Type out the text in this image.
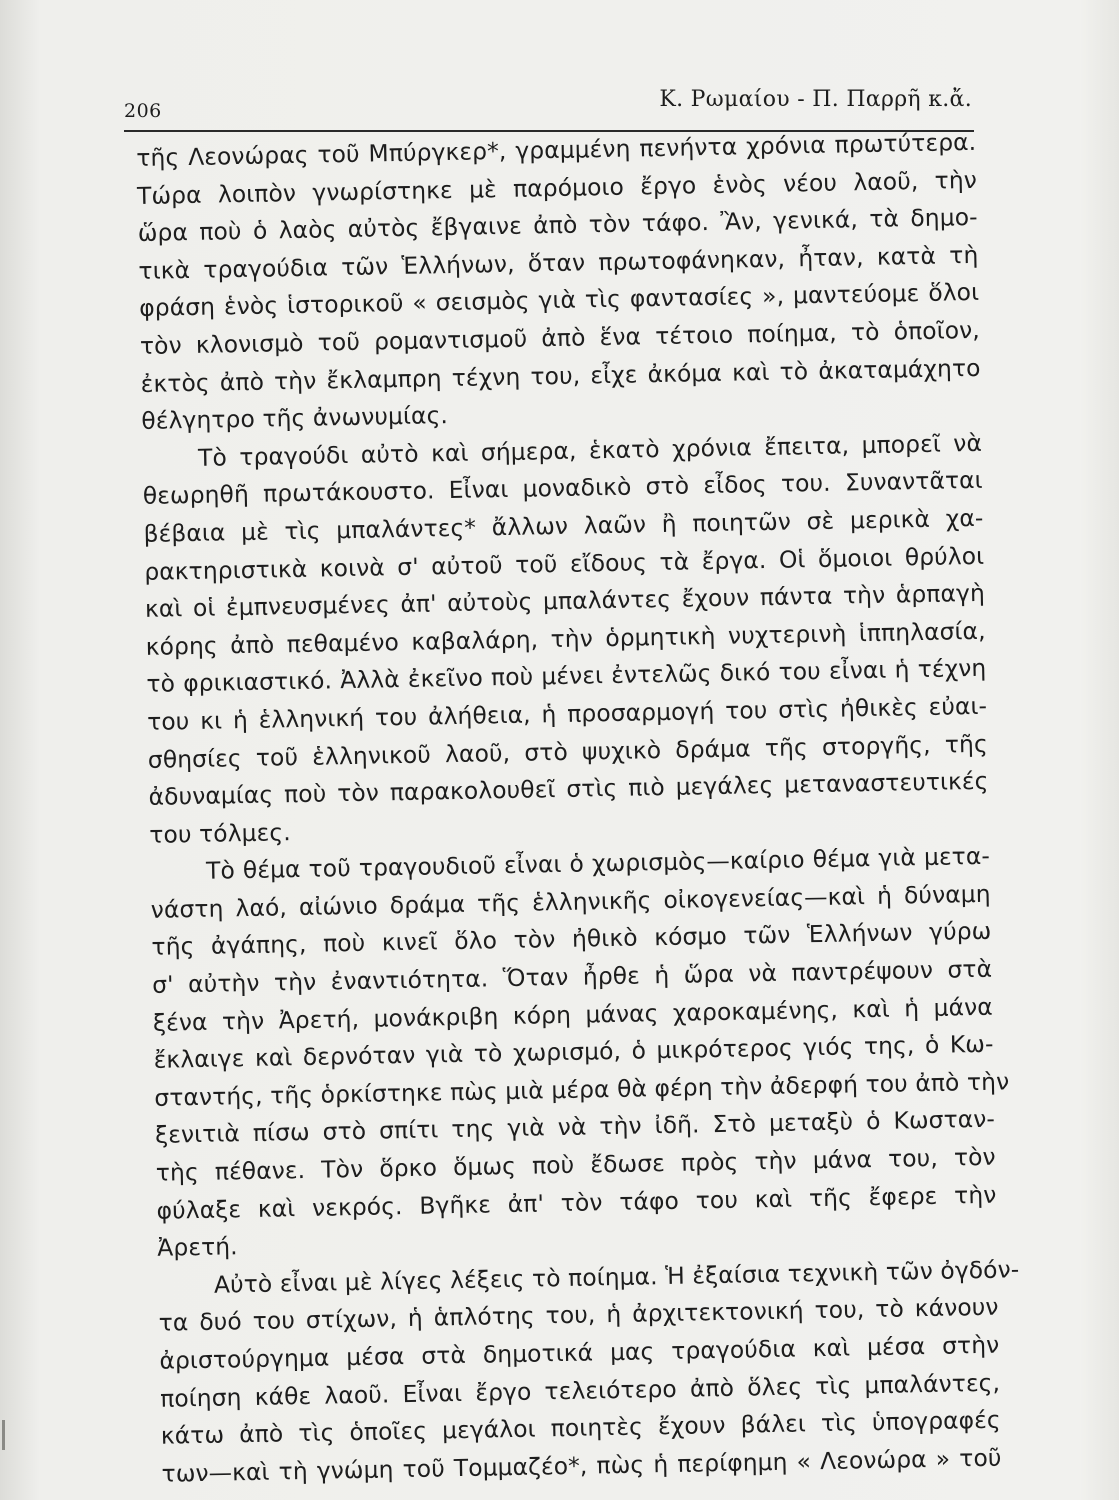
206	Κ. Ρωμαίου - Π. Παρρῆ κ.ἄ.
τῆς Λεονώρας τοῦ Μπύργκερ*, γραμμένη πενήντα χρόνια πρωτύτερα.
Τώρα λοιπὸν γνωρίστηκε μὲ παρόμοιο ἔργο ἑνὸς νέου λαοῦ, τὴν
ὥρα ποὺ ὁ λαὸς αὐτὸς ἔβγαινε ἀπὸ τὸν τάφο. Ἂν, γενικά, τὰ δημο-
τικὰ τραγούδια τῶν Ἑλλήνων, ὅταν πρωτοφάνηκαν, ἦταν, κατὰ τὴ
φράση ἑνὸς ἱστορικοῦ « σεισμὸς γιὰ τὶς φαντασίες », μαντεύομε ὅλοι
τὸν κλονισμὸ τοῦ ρομαντισμοῦ ἀπὸ ἕνα τέτοιο ποίημα, τὸ ὁποῖον,
ἐκτὸς ἀπὸ τὴν ἔκλαμπρη τέχνη του, εἶχε ἀκόμα καὶ τὸ ἀκαταμάχητο
θέλγητρο τῆς ἀνωνυμίας.
Τὸ τραγούδι αὐτὸ καὶ σήμερα, ἑκατὸ χρόνια ἔπειτα, μπορεῖ νὰ
θεωρηθῆ πρωτάκουστο. Εἶναι μοναδικὸ στὸ εἶδος του. Συναντᾶται
βέβαια μὲ τὶς μπαλάντες* ἄλλων λαῶν ἢ ποιητῶν σὲ μερικὰ χα-
ρακτηριστικὰ κοινὰ σ' αὐτοῦ τοῦ εἴδους τὰ ἔργα. Οἱ ὅμοιοι θρύλοι
καὶ οἱ ἐμπνευσμένες ἀπ' αὐτοὺς μπαλάντες ἔχουν πάντα τὴν ἁρπαγὴ
κόρης ἀπὸ πεθαμένο καβαλάρη, τὴν ὁρμητικὴ νυχτερινὴ ἱππηλασία,
τὸ φρικιαστικό. Ἀλλὰ ἐκεῖνο ποὺ μένει ἐντελῶς δικό του εἶναι ἡ τέχνη
του κι ἡ ἑλληνική του ἀλήθεια, ἡ προσαρμογή του στὶς ἠθικὲς εὐαι-
σθησίες τοῦ ἑλληνικοῦ λαοῦ, στὸ ψυχικὸ δράμα τῆς στοργῆς, τῆς
ἀδυναμίας ποὺ τὸν παρακολουθεῖ στὶς πιὸ μεγάλες μεταναστευτικές
του τόλμες.
Τὸ θέμα τοῦ τραγουδιοῦ εἶναι ὁ χωρισμὸς—καίριο θέμα γιὰ μετα-
νάστη λαό, αἰώνιο δράμα τῆς ἑλληνικῆς οἰκογενείας—καὶ ἡ δύναμη
τῆς ἀγάπης, ποὺ κινεῖ ὅλο τὸν ἠθικὸ κόσμο τῶν Ἑλλήνων γύρω
σ' αὐτὴν τὴν ἐναντιότητα. Ὅταν ἦρθε ἡ ὥρα νὰ παντρέψουν στὰ
ξένα τὴν Ἀρετή, μονάκριβη κόρη μάνας χαροκαμένης, καὶ ἡ μάνα
ἔκλαιγε καὶ δερνόταν γιὰ τὸ χωρισμό, ὁ μικρότερος γιός της, ὁ Κω-
σταντής, τῆς ὁρκίστηκε πὼς μιὰ μέρα θὰ φέρη τὴν ἀδερφή του ἀπὸ τὴν
ξενιτιὰ πίσω στὸ σπίτι της γιὰ νὰ τὴν ἰδῆ. Στὸ μεταξὺ ὁ Κωσταν-
τὴς πέθανε. Τὸν ὅρκο ὅμως ποὺ ἔδωσε πρὸς τὴν μάνα του, τὸν
φύλαξε καὶ νεκρός. Βγῆκε ἀπ' τὸν τάφο του καὶ τῆς ἔφερε τὴν
Ἀρετή.
Αὐτὸ εἶναι μὲ λίγες λέξεις τὸ ποίημα. Ἡ ἐξαίσια τεχνικὴ τῶν ὀγδόν-
τα δυό του στίχων, ἡ ἁπλότης του, ἡ ἀρχιτεκτονική του, τὸ κάνουν
ἀριστούργημα μέσα στὰ δημοτικά μας τραγούδια καὶ μέσα στὴν
ποίηση κάθε λαοῦ. Εἶναι ἔργο τελειότερο ἀπὸ ὅλες τὶς μπαλάντες,
κάτω ἀπὸ τὶς ὁποῖες μεγάλοι ποιητὲς ἔχουν βάλει τὶς ὑπογραφές
των—καὶ τὴ γνώμη τοῦ Τομμαζέο*, πὼς ἡ περίφημη « Λεονώρα » τοῦ
